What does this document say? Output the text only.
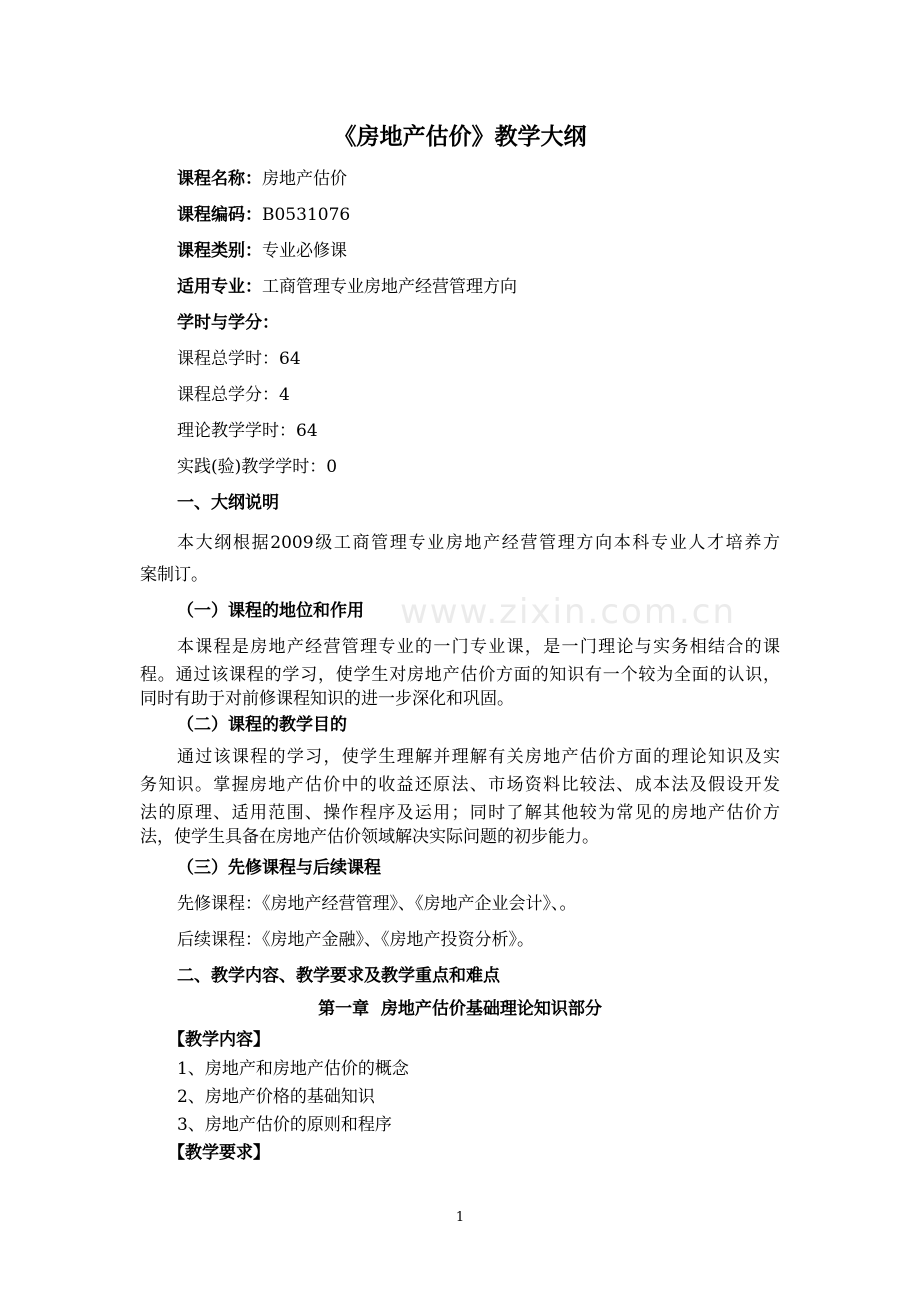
www.zixin.com.cn
《房地产估价》教学大纲
课程名称：房地产估价
课程编码：B0531076
课程类别：专业必修课
适用专业：工商管理专业房地产经营管理方向
学时与学分：
课程总学时：64
课程总学分：4
理论教学学时：64
实践(验)教学学时：0
一、大纲说明
本大纲根据2009级工商管理专业房地产经营管理方向本科专业人才培养方
案制订。
（一）课程的地位和作用
本课程是房地产经营管理专业的一门专业课，是一门理论与实务相结合的课
程。通过该课程的学习，使学生对房地产估价方面的知识有一个较为全面的认识，
同时有助于对前修课程知识的进一步深化和巩固。
（二）课程的教学目的
通过该课程的学习，使学生理解并理解有关房地产估价方面的理论知识及实
务知识。掌握房地产估价中的收益还原法、市场资料比较法、成本法及假设开发
法的原理、适用范围、操作程序及运用；同时了解其他较为常见的房地产估价方
法，使学生具备在房地产估价领域解决实际问题的初步能力。
（三）先修课程与后续课程
先修课程：《房地产经营管理》、《房地产企业会计》、。
后续课程：《房地产金融》、《房地产投资分析》。
二、教学内容、教学要求及教学重点和难点
第一章  房地产估价基础理论知识部分
【教学内容】
1、房地产和房地产估价的概念
2、房地产价格的基础知识
3、房地产估价的原则和程序
【教学要求】
1
